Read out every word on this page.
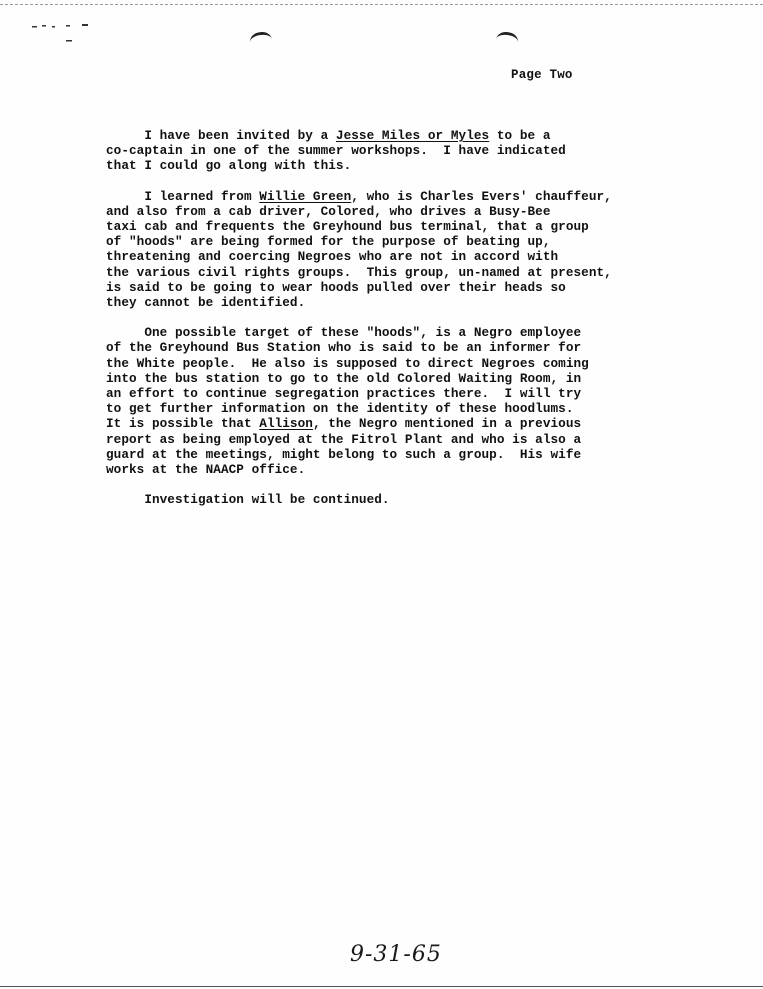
Page Two
I have been invited by a Jesse Miles or Myles to be a
co-captain in one of the summer workshops.  I have indicated
that I could go along with this.
I learned from Willie Green, who is Charles Evers' chauffeur,
and also from a cab driver, Colored, who drives a Busy-Bee
taxi cab and frequents the Greyhound bus terminal, that a group
of "hoods" are being formed for the purpose of beating up,
threatening and coercing Negroes who are not in accord with
the various civil rights groups.  This group, un-named at present,
is said to be going to wear hoods pulled over their heads so
they cannot be identified.
One possible target of these "hoods", is a Negro employee
of the Greyhound Bus Station who is said to be an informer for
the White people.  He also is supposed to direct Negroes coming
into the bus station to go to the old Colored Waiting Room, in
an effort to continue segregation practices there.  I will try
to get further information on the identity of these hoodlums.
It is possible that Allison, the Negro mentioned in a previous
report as being employed at the Fitrol Plant and who is also a
guard at the meetings, might belong to such a group.  His wife
works at the NAACP office.
Investigation will be continued.
9-31-65
